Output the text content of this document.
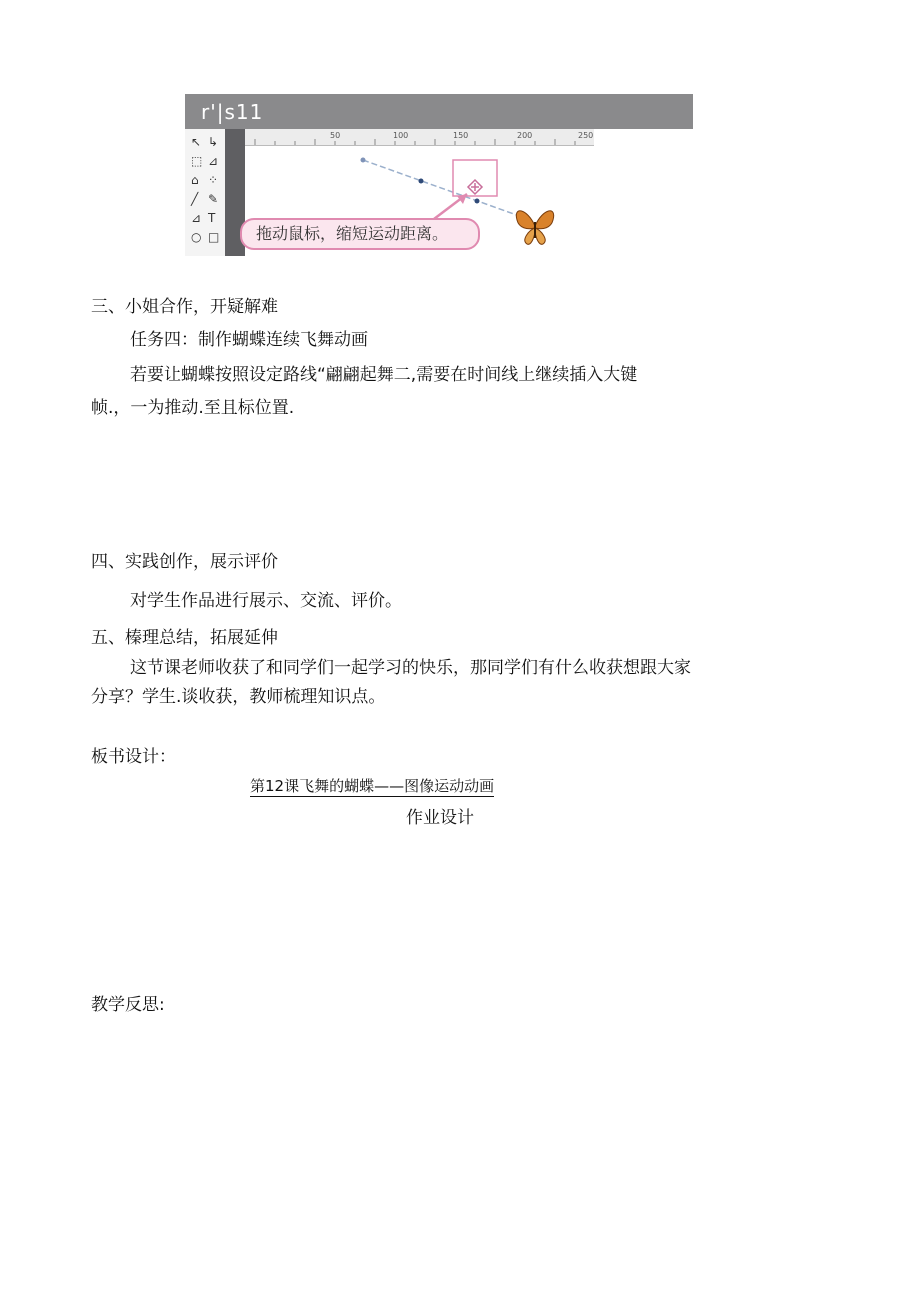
r'|s11
↖ ↳
⬚ ⊿
⌂ ⁘
╱ ✎
⊿ T
○ □
50	100	150	200	250
拖动鼠标，缩短运动距离。
三、小姐合作，开疑解难
任务四：制作蝴蝶连续飞舞动画
若要让蝴蝶按照设定路线“翩翩起舞二,需要在时间线上继续插入大键
帧.，一为推动.至且标位置.
四、实践创作，展示评价
对学生作品进行展示、交流、评价。
五、榛理总结，拓展延伸
这节课老师收获了和同学们一起学习的快乐，那同学们有什么收获想跟大家
分享？学生.谈收获，教师梳理知识点。
板书设计：
第12课飞舞的蝴蝶——图像运动动画
作业设计
教学反思:
